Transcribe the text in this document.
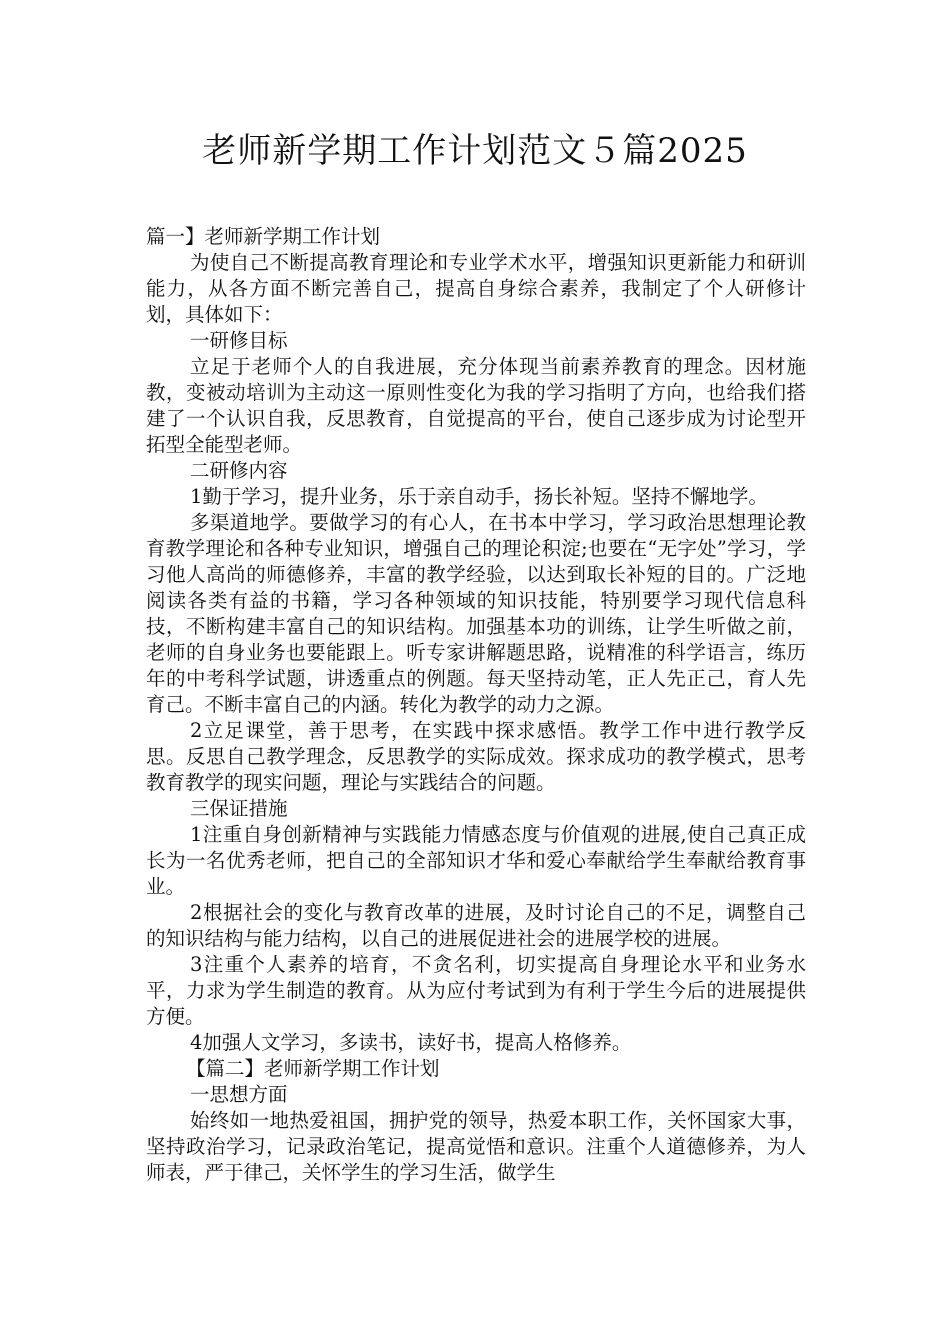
老师新学期工作计划范文５篇2025

篇一】老师新学期工作计划

为使自己不断提高教育理论和专业学术水平，增强知识更新能力和研训能力，从各方面不断完善自己，提高自身综合素养，我制定了个人研修计划，具体如下：

一研修目标

立足于老师个人的自我进展，充分体现当前素养教育的理念。因材施教，变被动培训为主动这一原则性变化为我的学习指明了方向，也给我们搭建了一个认识自我，反思教育，自觉提高的平台，使自己逐步成为讨论型开拓型全能型老师。

二研修内容

1勤于学习，提升业务，乐于亲自动手，扬长补短。坚持不懈地学。

多渠道地学。要做学习的有心人，在书本中学习，学习政治思想理论教育教学理论和各种专业知识，增强自己的理论积淀;也要在“无字处”学习，学习他人高尚的师德修养，丰富的教学经验，以达到取长补短的目的。广泛地阅读各类有益的书籍，学习各种领域的知识技能，特别要学习现代信息科技，不断构建丰富自己的知识结构。加强基本功的训练，让学生听做之前，老师的自身业务也要能跟上。听专家讲解题思路，说精准的科学语言，练历年的中考科学试题，讲透重点的例题。每天坚持动笔，正人先正己，育人先育己。不断丰富自己的内涵。转化为教学的动力之源。

2立足课堂，善于思考，在实践中探求感悟。教学工作中进行教学反思。反思自己教学理念，反思教学的实际成效。探求成功的教学模式，思考教育教学的现实问题，理论与实践结合的问题。

三保证措施

1注重自身创新精神与实践能力情感态度与价值观的进展,使自己真正成长为一名优秀老师，把自己的全部知识才华和爱心奉献给学生奉献给教育事业。

2根据社会的变化与教育改革的进展，及时讨论自己的不足，调整自己的知识结构与能力结构，以自己的进展促进社会的进展学校的进展。

3注重个人素养的培育，不贪名利，切实提高自身理论水平和业务水平，力求为学生制造的教育。从为应付考试到为有利于学生今后的进展提供方便。

4加强人文学习，多读书，读好书，提高人格修养。

【篇二】老师新学期工作计划

一思想方面

始终如一地热爱祖国，拥护党的领导，热爱本职工作，关怀国家大事，坚持政治学习，记录政治笔记，提高觉悟和意识。注重个人道德修养，为人师表，严于律己，关怀学生的学习生活，做学生
